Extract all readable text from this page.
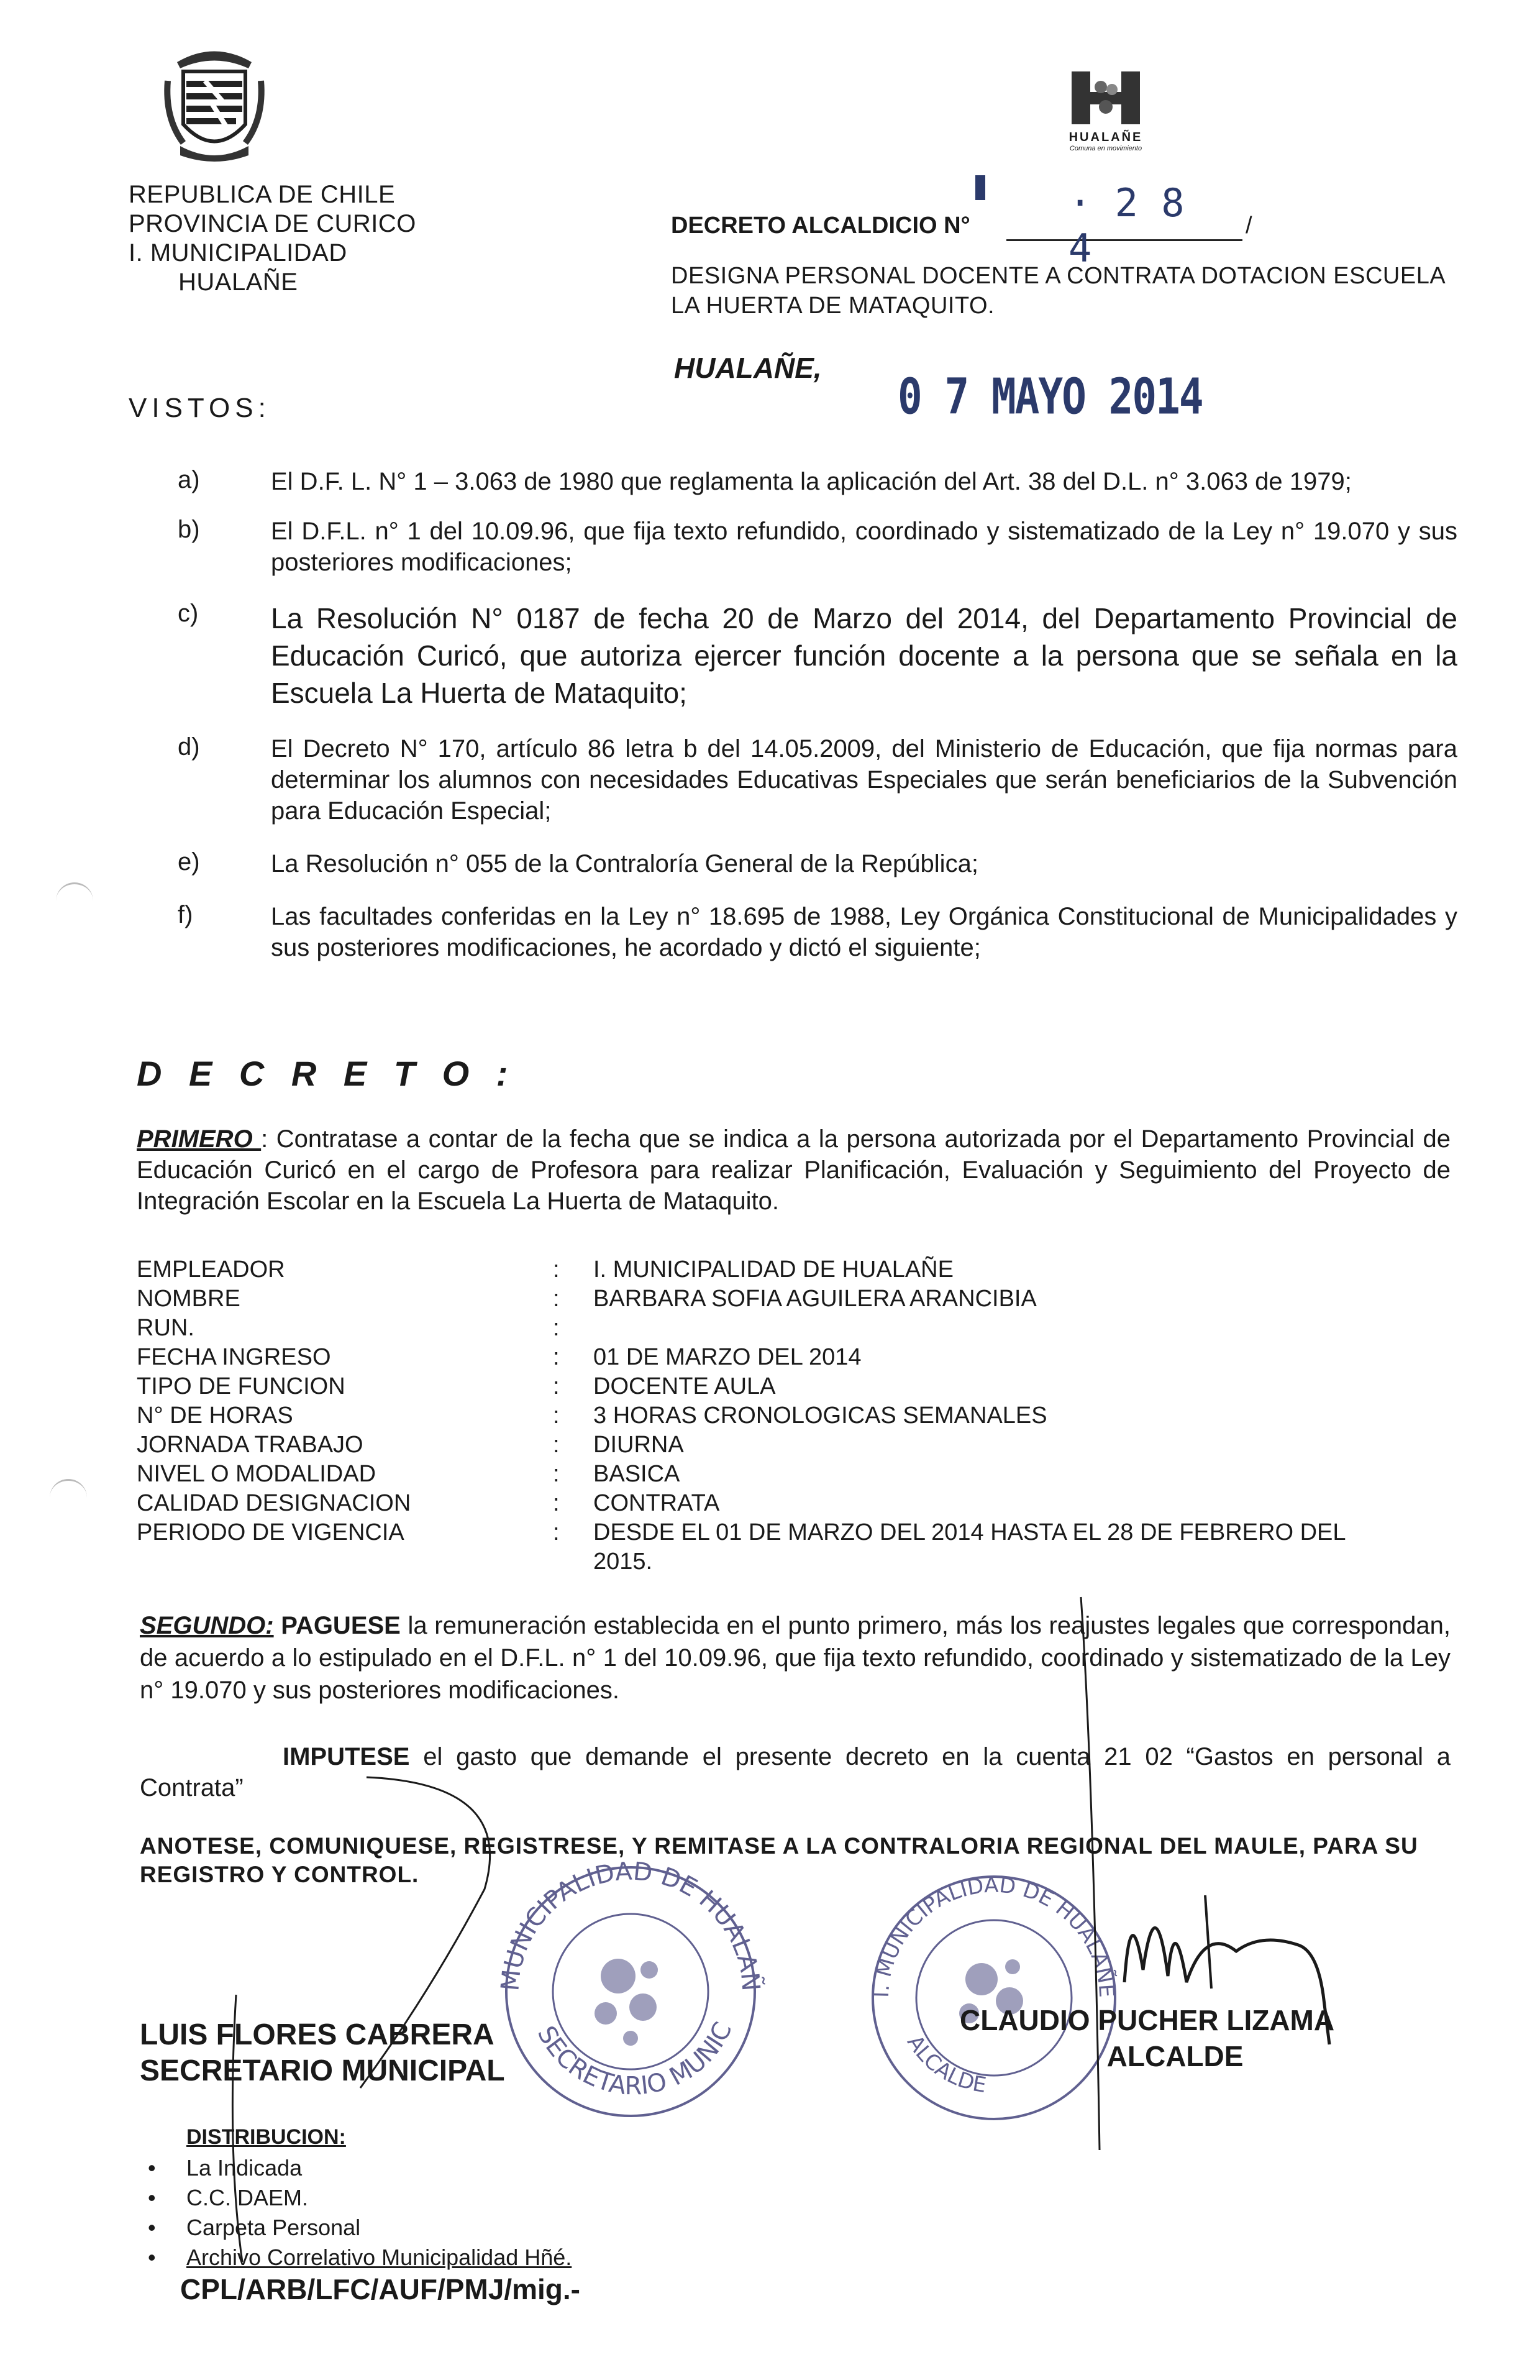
REPUBLICA DE CHILE
PROVINCIA DE CURICO
I. MUNICIPALIDAD
HUALAÑE
HUALAÑE
Comuna en movimiento
DECRETO ALCALDICIO N°	· 2 8 4	/
DESIGNA PERSONAL DOCENTE A CONTRATA DOTACION ESCUELA LA HUERTA DE MATAQUITO.
HUALAÑE,
0 7 MAYO 2014
VISTOS:
a)	El D.F. L. N° 1 – 3.063 de 1980 que reglamenta la aplicación del Art. 38 del D.L. n° 3.063 de 1979;
b)	El D.F.L. n° 1 del 10.09.96, que fija texto refundido, coordinado y sistematizado de la Ley n° 19.070 y sus posteriores modificaciones;
c)	La Resolución N° 0187 de fecha 20 de Marzo del 2014, del Departamento Provincial de Educación Curicó, que autoriza ejercer función docente a la persona que se señala en la Escuela La Huerta de Mataquito;
d)	El Decreto N° 170, artículo 86 letra b del 14.05.2009, del Ministerio de Educación, que fija normas para determinar los alumnos con necesidades Educativas Especiales que serán beneficiarios de la Subvención para Educación Especial;
e)	La Resolución n° 055 de la Contraloría General de la República;
f)	Las facultades conferidas en la Ley n° 18.695 de 1988, Ley Orgánica Constitucional de Municipalidades y sus posteriores modificaciones, he acordado y dictó el siguiente;
D E C R E T O :
PRIMERO : Contratase a contar de la fecha que se indica a la persona autorizada por el Departamento Provincial de Educación Curicó en el cargo de Profesora para realizar Planificación, Evaluación y Seguimiento del Proyecto de Integración Escolar en la Escuela La Huerta de Mataquito.
EMPLEADOR	:	I. MUNICIPALIDAD DE HUALAÑE
NOMBRE	:	BARBARA SOFIA AGUILERA ARANCIBIA
RUN.	:
FECHA INGRESO	:	01 DE MARZO DEL 2014
TIPO DE FUNCION	:	DOCENTE AULA
N° DE HORAS	:	3 HORAS CRONOLOGICAS SEMANALES
JORNADA TRABAJO	:	DIURNA
NIVEL O MODALIDAD	:	BASICA
CALIDAD DESIGNACION	:	CONTRATA
PERIODO DE VIGENCIA	:	DESDE EL 01 DE MARZO DEL 2014 HASTA EL 28 DE FEBRERO DEL 2015.
SEGUNDO: PAGUESE la remuneración establecida en el punto primero, más los reajustes legales que correspondan, de acuerdo a lo estipulado en el D.F.L. n° 1 del 10.09.96, que fija texto refundido, coordinado y sistematizado de la Ley n° 19.070 y sus posteriores modificaciones.
IMPUTESE el gasto que demande el presente decreto en la cuenta 21 02 “Gastos en personal a Contrata”
ANOTESE, COMUNIQUESE, REGISTRESE, Y REMITASE A LA CONTRALORIA REGIONAL DEL MAULE, PARA SU REGISTRO Y CONTROL.
MUNICIPALIDAD DE HUALAÑ
SECRETARIO MUNIC
I. MUNICIPALIDAD DE HUALAÑE
ALCALDE
LUIS FLORES CABRERA
SECRETARIO MUNICIPAL
CLAUDIO PUCHER LIZAMA
ALCALDE
DISTRIBUCION:
• La Indicada
• C.C. DAEM.
• Carpeta Personal
• Archivo Correlativo Municipalidad Hñé.
CPL/ARB/LFC/AUF/PMJ/mig.-
